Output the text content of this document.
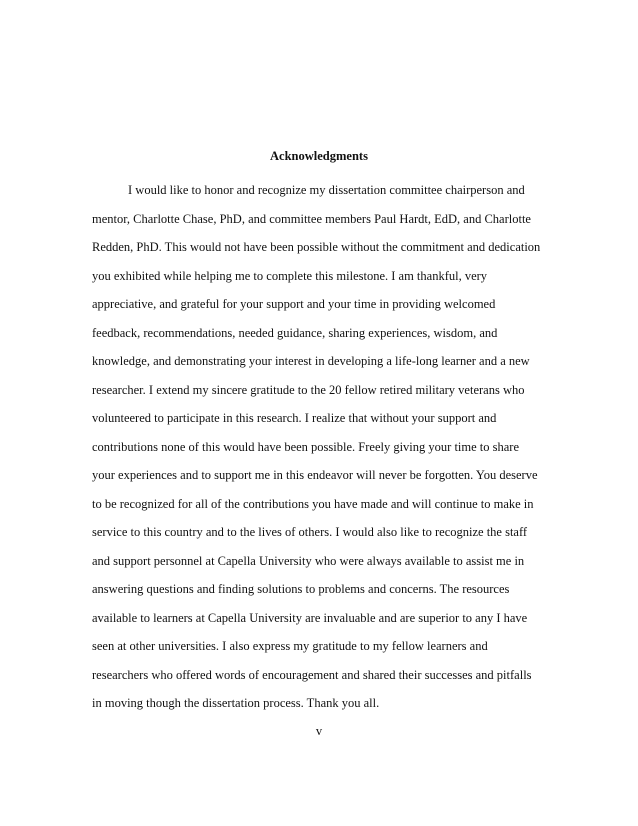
Acknowledgments
I would like to honor and recognize my dissertation committee chairperson and
mentor, Charlotte Chase, PhD, and committee members Paul Hardt, EdD, and Charlotte
Redden, PhD. This would not have been possible without the commitment and dedication
you exhibited while helping me to complete this milestone. I am thankful, very
appreciative, and grateful for your support and your time in providing welcomed
feedback, recommendations, needed guidance, sharing experiences, wisdom, and
knowledge, and demonstrating your interest in developing a life-long learner and a new
researcher. I extend my sincere gratitude to the 20 fellow retired military veterans who
volunteered to participate in this research. I realize that without your support and
contributions none of this would have been possible. Freely giving your time to share
your experiences and to support me in this endeavor will never be forgotten. You deserve
to be recognized for all of the contributions you have made and will continue to make in
service to this country and to the lives of others. I would also like to recognize the staff
and support personnel at Capella University who were always available to assist me in
answering questions and finding solutions to problems and concerns. The resources
available to learners at Capella University are invaluable and are superior to any I have
seen at other universities. I also express my gratitude to my fellow learners and
researchers who offered words of encouragement and shared their successes and pitfalls
in moving though the dissertation process. Thank you all.
v
